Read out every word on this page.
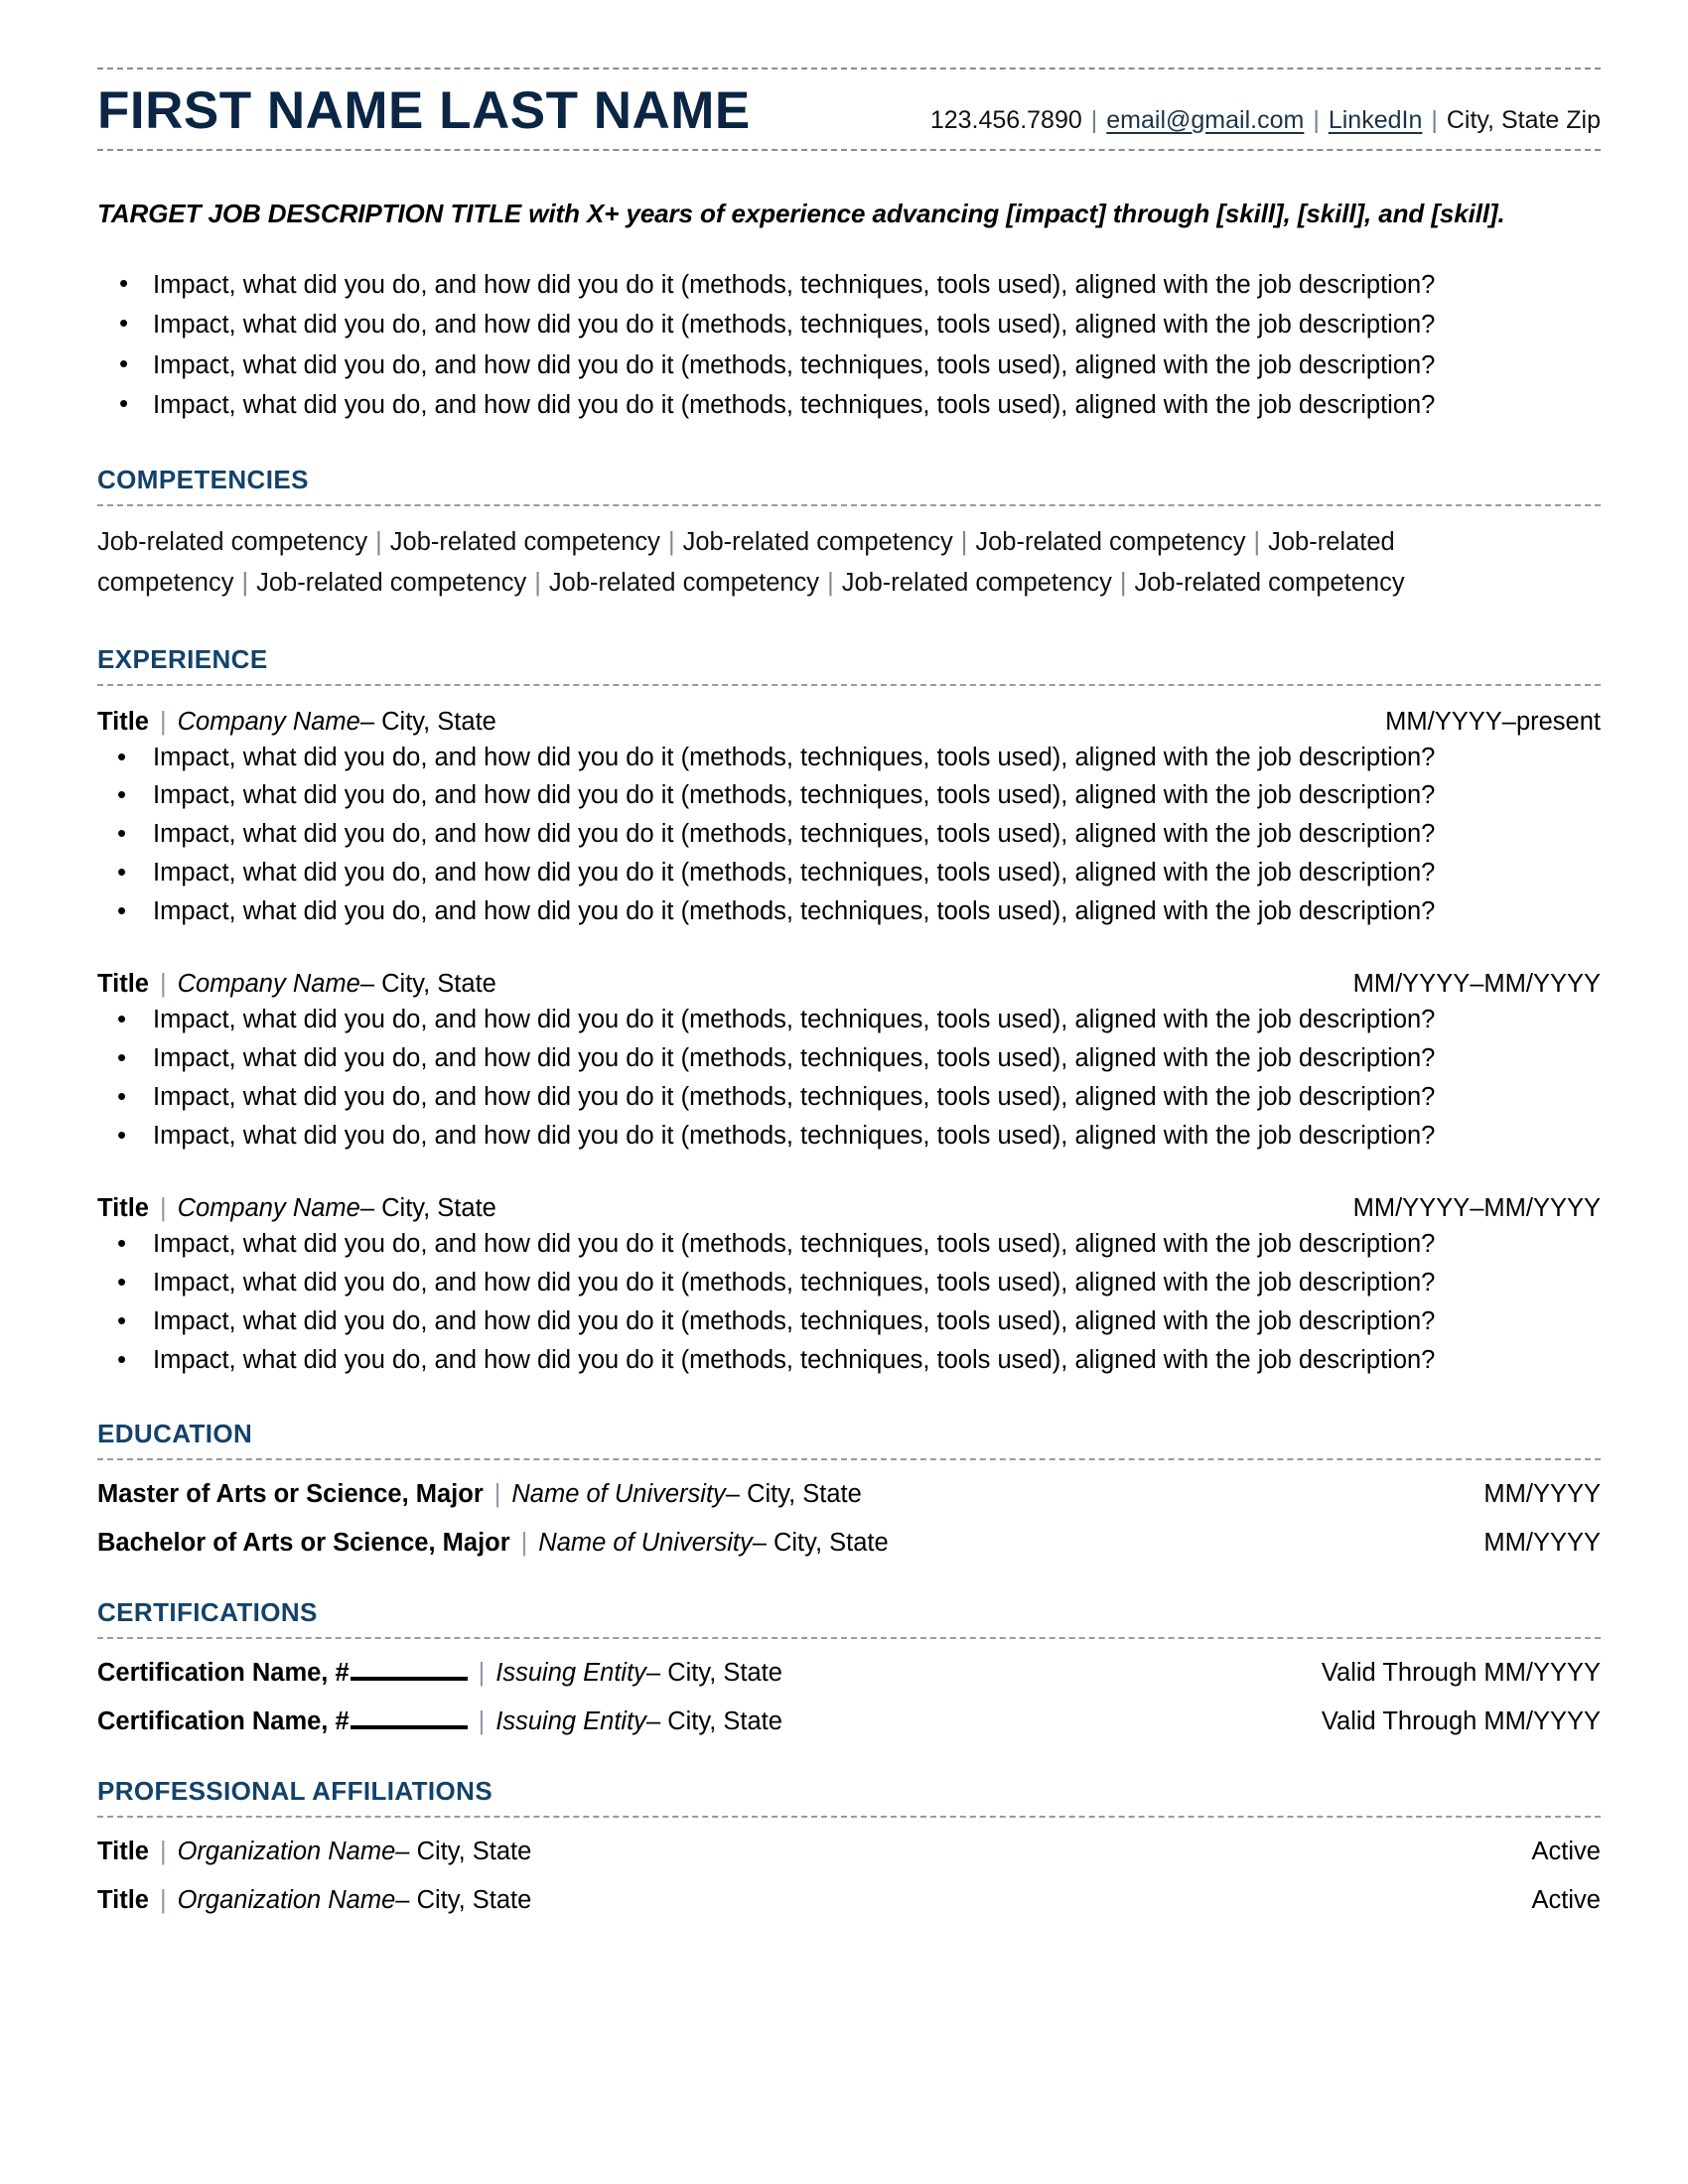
FIRST NAME LAST NAME	123.456.7890 | email@gmail.com | LinkedIn | City, State Zip
TARGET JOB DESCRIPTION TITLE with X+ years of experience advancing [impact] through [skill], [skill], and [skill].
• Impact, what did you do, and how did you do it (methods, techniques, tools used), aligned with the job description?
• Impact, what did you do, and how did you do it (methods, techniques, tools used), aligned with the job description?
• Impact, what did you do, and how did you do it (methods, techniques, tools used), aligned with the job description?
• Impact, what did you do, and how did you do it (methods, techniques, tools used), aligned with the job description?
COMPETENCIES
Job-related competency | Job-related competency | Job-related competency | Job-related competency | Job-related competency | Job-related competency | Job-related competency | Job-related competency | Job-related competency
EXPERIENCE
Title | Company Name – City, State	MM/YYYY–present
• Impact, what did you do, and how did you do it (methods, techniques, tools used), aligned with the job description?
• Impact, what did you do, and how did you do it (methods, techniques, tools used), aligned with the job description?
• Impact, what did you do, and how did you do it (methods, techniques, tools used), aligned with the job description?
• Impact, what did you do, and how did you do it (methods, techniques, tools used), aligned with the job description?
• Impact, what did you do, and how did you do it (methods, techniques, tools used), aligned with the job description?
Title | Company Name – City, State	MM/YYYY–MM/YYYY
• Impact, what did you do, and how did you do it (methods, techniques, tools used), aligned with the job description?
• Impact, what did you do, and how did you do it (methods, techniques, tools used), aligned with the job description?
• Impact, what did you do, and how did you do it (methods, techniques, tools used), aligned with the job description?
• Impact, what did you do, and how did you do it (methods, techniques, tools used), aligned with the job description?
Title | Company Name – City, State	MM/YYYY–MM/YYYY
• Impact, what did you do, and how did you do it (methods, techniques, tools used), aligned with the job description?
• Impact, what did you do, and how did you do it (methods, techniques, tools used), aligned with the job description?
• Impact, what did you do, and how did you do it (methods, techniques, tools used), aligned with the job description?
• Impact, what did you do, and how did you do it (methods, techniques, tools used), aligned with the job description?
EDUCATION
Master of Arts or Science, Major | Name of University – City, State	MM/YYYY
Bachelor of Arts or Science, Major | Name of University – City, State	MM/YYYY
CERTIFICATIONS
Certification Name, #	| Issuing Entity – City, State	Valid Through MM/YYYY
Certification Name, #	| Issuing Entity – City, State	Valid Through MM/YYYY
PROFESSIONAL AFFILIATIONS
Title | Organization Name – City, State	Active
Title | Organization Name – City, State	Active
